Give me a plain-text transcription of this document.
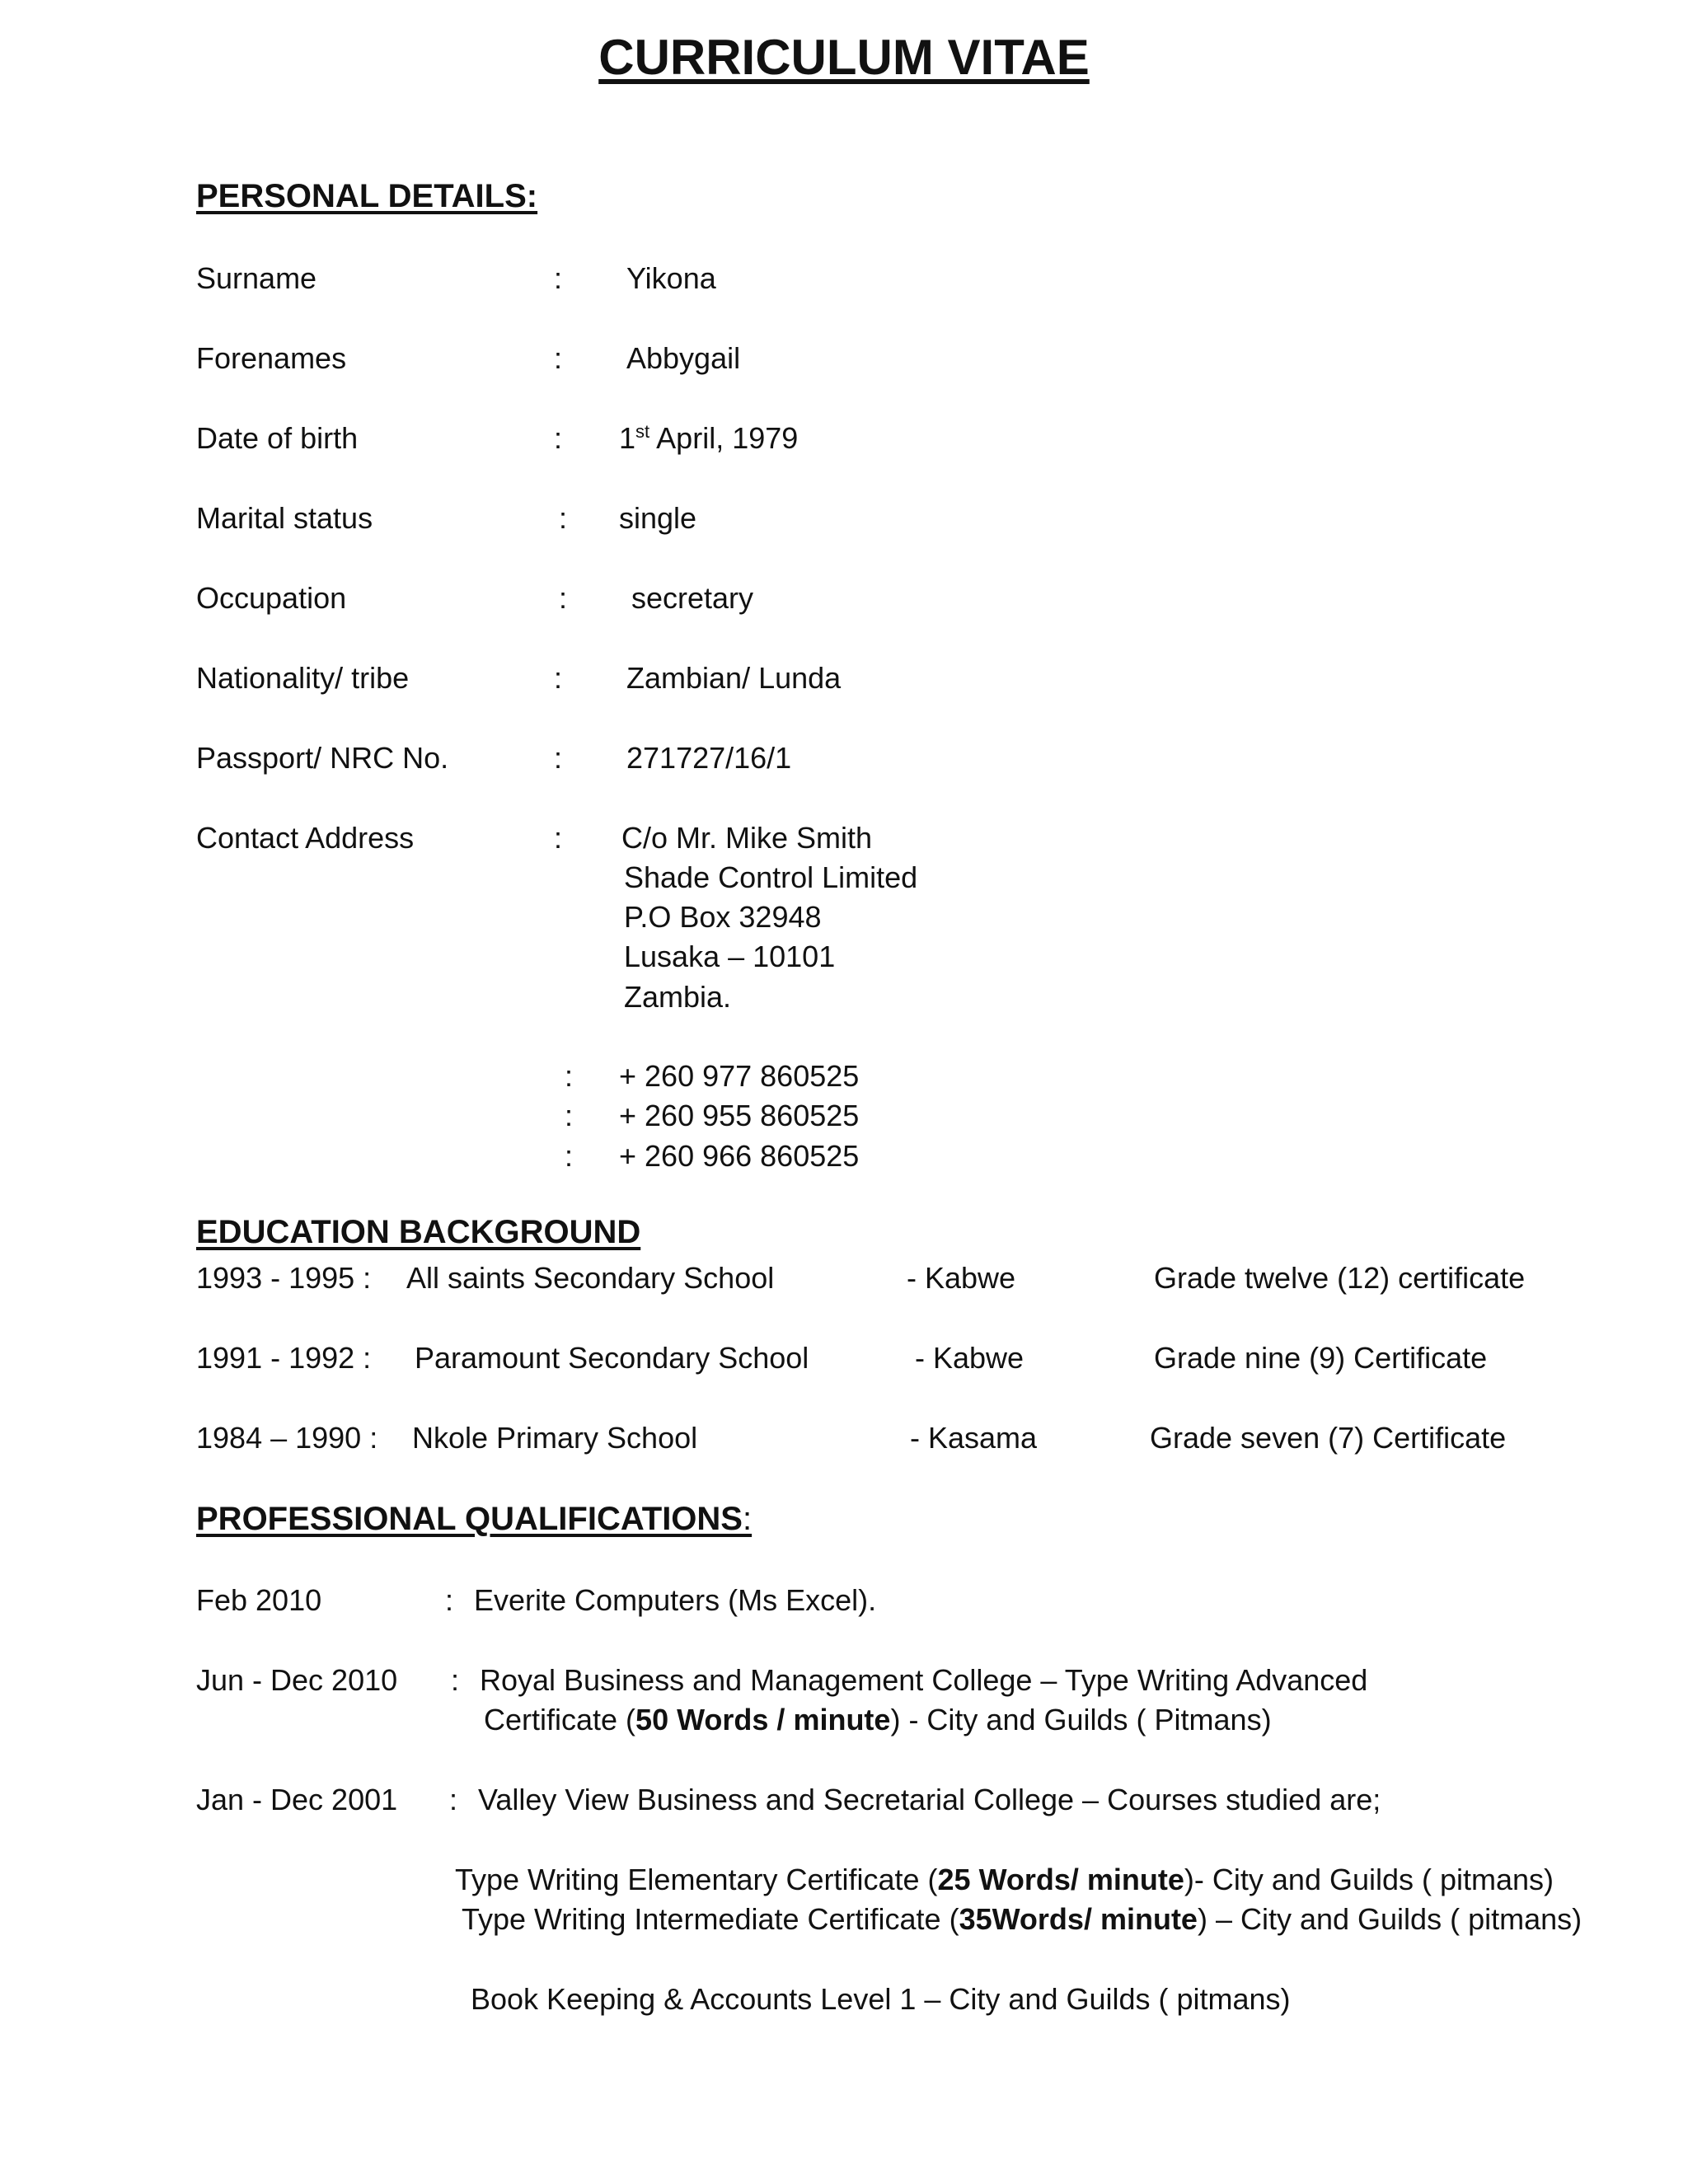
CURRICULUM VITAE
PERSONAL DETAILS:
Surname	: Yikona
Forenames	: Abbygail
Date of birth	: 1st April, 1979
Marital status	: single
Occupation	: secretary
Nationality/ tribe	: Zambian/ Lunda
Passport/ NRC No.	: 271727/16/1
Contact Address	: C/o Mr. Mike Smith
Shade Control Limited
P.O Box 32948
Lusaka – 10101
Zambia.
: + 260 977 860525
: + 260 955 860525
: + 260 966 860525
EDUCATION BACKGROUND
1993 - 1995 : All saints Secondary School	- Kabwe	Grade twelve (12) certificate
1991 - 1992 : Paramount Secondary School	- Kabwe	Grade nine (9) Certificate
1984 – 1990 : Nkole Primary School	- Kasama	Grade seven (7) Certificate
PROFESSIONAL QUALIFICATIONS:
Feb 2010	: Everite Computers (Ms Excel).
Jun - Dec 2010 : Royal Business and Management College – Type Writing Advanced
Certificate (50 Words / minute) - City and Guilds ( Pitmans)
Jan - Dec 2001 : Valley View Business and Secretarial College – Courses studied are;
Type Writing Elementary Certificate (25 Words/ minute)- City and Guilds ( pitmans)
Type Writing Intermediate Certificate (35Words/ minute) – City and Guilds ( pitmans)
Book Keeping & Accounts Level 1 – City and Guilds ( pitmans)
